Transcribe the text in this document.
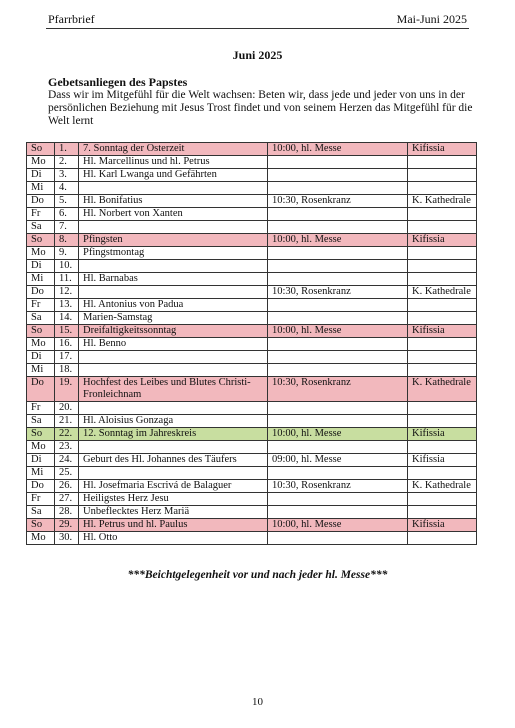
Pfarrbrief	Mai-Juni 2025
Juni 2025
Gebetsanliegen des Papstes
Dass wir im Mitgefühl für die Welt wachsen: Beten wir, dass jede und jeder von uns in der persönlichen Beziehung mit Jesus Trost findet und von seinem Herzen das Mitgefühl für die Welt lernt
So	1.	7. Sonntag der Osterzeit	10:00, hl. Messe	Kifissia
Mo	2.	Hl. Marcellinus und hl. Petrus		
Di	3.	Hl. Karl Lwanga und Gefährten		
Mi	4.			
Do	5.	Hl. Bonifatius	10:30, Rosenkranz	K. Kathedrale
Fr	6.	Hl. Norbert von Xanten		
Sa	7.			
So	8.	Pfingsten	10:00, hl. Messe	Kifissia
Mo	9.	Pfingstmontag		
Di	10.			
Mi	11.	Hl. Barnabas		
Do	12.		10:30, Rosenkranz	K. Kathedrale
Fr	13.	Hl. Antonius von Padua		
Sa	14.	Marien-Samstag		
So	15.	Dreifaltigkeitssonntag	10:00, hl. Messe	Kifissia
Mo	16.	Hl. Benno		
Di	17.			
Mi	18.			
Do	19.	Hochfest des Leibes und Blutes Christi-Fronleichnam	10:30, Rosenkranz	K. Kathedrale
Fr	20.			
Sa	21.	Hl. Aloisius Gonzaga		
So	22.	12. Sonntag im Jahreskreis	10:00, hl. Messe	Kifissia
Mo	23.			
Di	24.	Geburt des Hl. Johannes des Täufers	09:00, hl. Messe	Kifissia
Mi	25.			
Do	26.	Hl. Josefmaria Escrivá de Balaguer	10:30, Rosenkranz	K. Kathedrale
Fr	27.	Heiligstes Herz Jesu		
Sa	28.	Unbeflecktes Herz Mariä		
So	29.	Hl. Petrus und hl. Paulus	10:00, hl. Messe	Kifissia
Mo	30.	Hl. Otto		
***Beichtgelegenheit vor und nach jeder hl. Messe***
10
